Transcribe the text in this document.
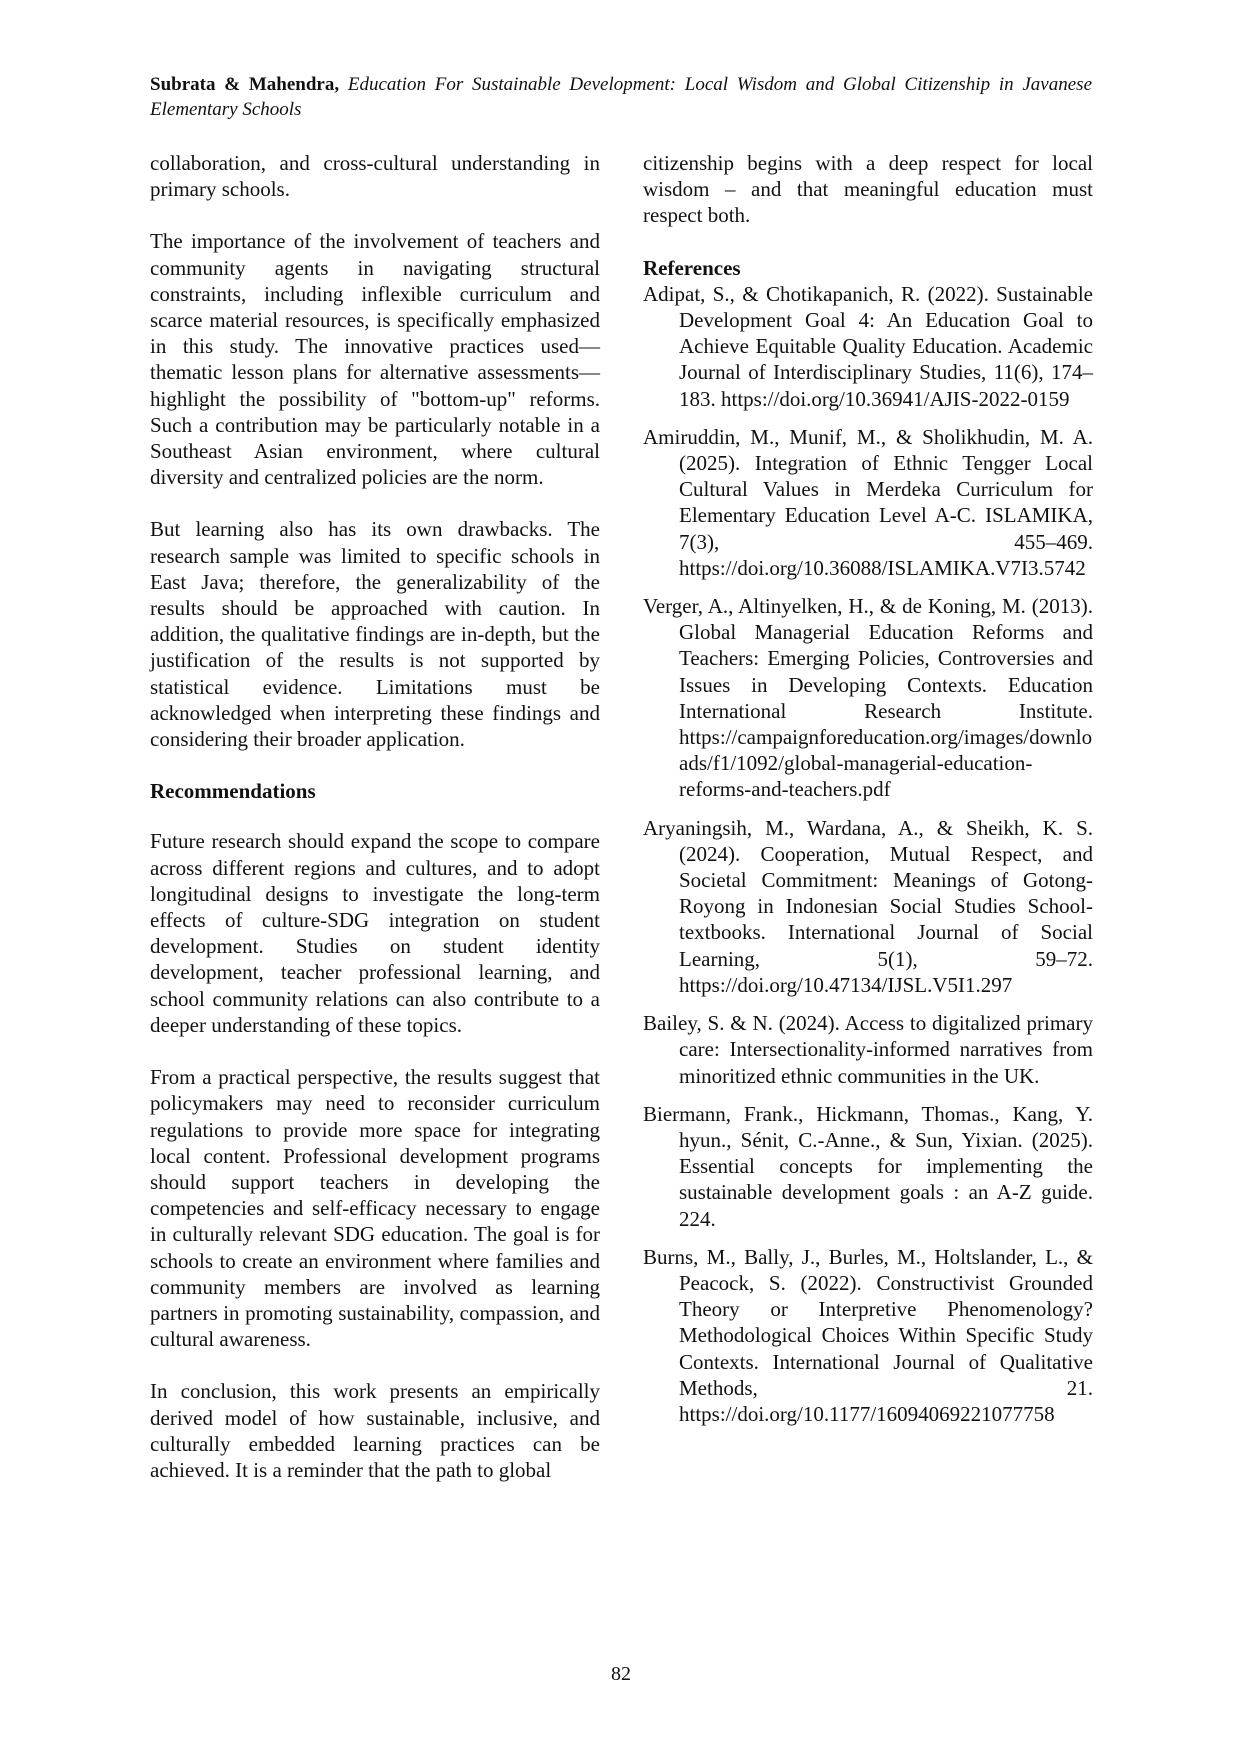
Subrata & Mahendra, Education For Sustainable Development: Local Wisdom and Global Citizenship in Javanese Elementary Schools

collaboration, and cross-cultural understanding in primary schools.

The importance of the involvement of teachers and community agents in navigating structural constraints, including inflexible curriculum and scarce material resources, is specifically emphasized in this study. The innovative practices used—thematic lesson plans for alternative assessments—highlight the possibility of "bottom-up" reforms. Such a contribution may be particularly notable in a Southeast Asian environment, where cultural diversity and centralized policies are the norm.

But learning also has its own drawbacks. The research sample was limited to specific schools in East Java; therefore, the generalizability of the results should be approached with caution. In addition, the qualitative findings are in-depth, but the justification of the results is not supported by statistical evidence. Limitations must be acknowledged when interpreting these findings and considering their broader application.

Recommendations

Future research should expand the scope to compare across different regions and cultures, and to adopt longitudinal designs to investigate the long-term effects of culture-SDG integration on student development. Studies on student identity development, teacher professional learning, and school community relations can also contribute to a deeper understanding of these topics.

From a practical perspective, the results suggest that policymakers may need to reconsider curriculum regulations to provide more space for integrating local content. Professional development programs should support teachers in developing the competencies and self-efficacy necessary to engage in culturally relevant SDG education. The goal is for schools to create an environment where families and community members are involved as learning partners in promoting sustainability, compassion, and cultural awareness.

In conclusion, this work presents an empirically derived model of how sustainable, inclusive, and culturally embedded learning practices can be achieved. It is a reminder that the path to global

citizenship begins with a deep respect for local wisdom – and that meaningful education must respect both.

References
Adipat, S., & Chotikapanich, R. (2022). Sustainable Development Goal 4: An Education Goal to Achieve Equitable Quality Education. Academic Journal of Interdisciplinary Studies, 11(6), 174–183. https://doi.org/10.36941/AJIS-2022-0159
Amiruddin, M., Munif, M., & Sholikhudin, M. A. (2025). Integration of Ethnic Tengger Local Cultural Values in Merdeka Curriculum for Elementary Education Level A-C. ISLAMIKA, 7(3), 455–469. https://doi.org/10.36088/ISLAMIKA.V7I3.5742
Verger, A., Altinyelken, H., & de Koning, M. (2013). Global Managerial Education Reforms and Teachers: Emerging Policies, Controversies and Issues in Developing Contexts. Education International Research Institute. https://campaignforeducation.org/images/downloads/f1/1092/global-managerial-education-reforms-and-teachers.pdf
Aryaningsih, M., Wardana, A., & Sheikh, K. S. (2024). Cooperation, Mutual Respect, and Societal Commitment: Meanings of Gotong-Royong in Indonesian Social Studies School-textbooks. International Journal of Social Learning, 5(1), 59–72. https://doi.org/10.47134/IJSL.V5I1.297
Bailey, S. & N. (2024). Access to digitalized primary care: Intersectionality-informed narratives from minoritized ethnic communities in the UK.
Biermann, Frank., Hickmann, Thomas., Kang, Y. hyun., Sénit, C.-Anne., & Sun, Yixian. (2025). Essential concepts for implementing the sustainable development goals : an A-Z guide. 224.
Burns, M., Bally, J., Burles, M., Holtslander, L., & Peacock, S. (2022). Constructivist Grounded Theory or Interpretive Phenomenology? Methodological Choices Within Specific Study Contexts. International Journal of Qualitative Methods, 21. https://doi.org/10.1177/16094069221077758
82
